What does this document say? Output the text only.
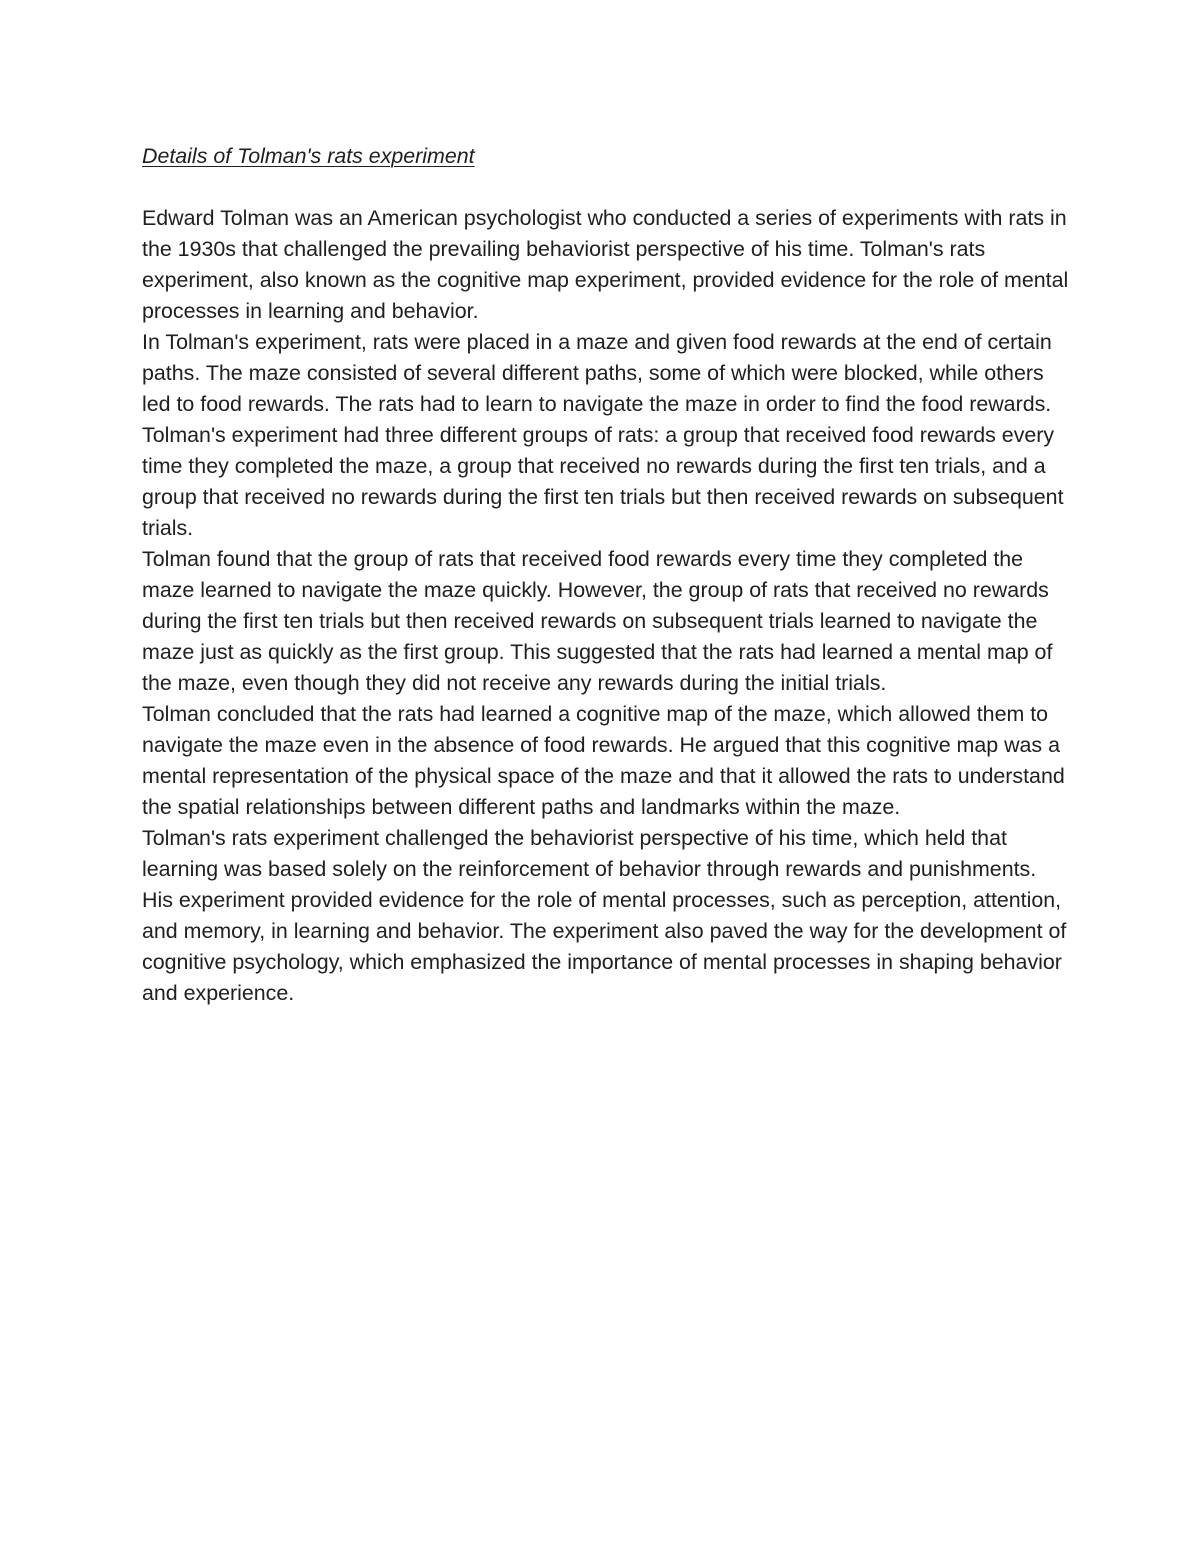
Details of Tolman's rats experiment

Edward Tolman was an American psychologist who conducted a series of experiments with rats in the 1930s that challenged the prevailing behaviorist perspective of his time. Tolman's rats experiment, also known as the cognitive map experiment, provided evidence for the role of mental processes in learning and behavior.

In Tolman's experiment, rats were placed in a maze and given food rewards at the end of certain paths. The maze consisted of several different paths, some of which were blocked, while others led to food rewards. The rats had to learn to navigate the maze in order to find the food rewards.

Tolman's experiment had three different groups of rats: a group that received food rewards every time they completed the maze, a group that received no rewards during the first ten trials, and a group that received no rewards during the first ten trials but then received rewards on subsequent trials.

Tolman found that the group of rats that received food rewards every time they completed the maze learned to navigate the maze quickly. However, the group of rats that received no rewards during the first ten trials but then received rewards on subsequent trials learned to navigate the maze just as quickly as the first group. This suggested that the rats had learned a mental map of the maze, even though they did not receive any rewards during the initial trials.

Tolman concluded that the rats had learned a cognitive map of the maze, which allowed them to navigate the maze even in the absence of food rewards. He argued that this cognitive map was a mental representation of the physical space of the maze and that it allowed the rats to understand the spatial relationships between different paths and landmarks within the maze.

Tolman's rats experiment challenged the behaviorist perspective of his time, which held that learning was based solely on the reinforcement of behavior through rewards and punishments. His experiment provided evidence for the role of mental processes, such as perception, attention, and memory, in learning and behavior. The experiment also paved the way for the development of cognitive psychology, which emphasized the importance of mental processes in shaping behavior and experience.
